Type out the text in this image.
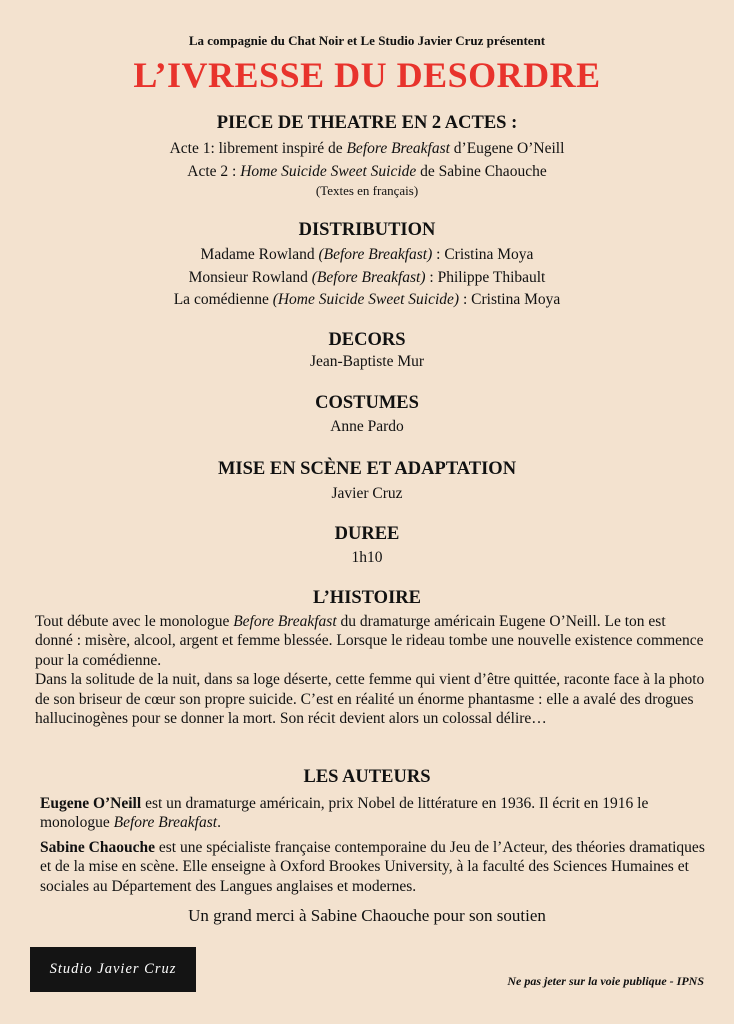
La compagnie du Chat Noir et Le Studio Javier Cruz présentent
L’IVRESSE DU DESORDRE
PIECE DE THEATRE EN 2 ACTES :
Acte 1: librement inspiré de Before Breakfast d’Eugene O’Neill
Acte 2 : Home Suicide Sweet Suicide de Sabine Chaouche
(Textes en français)
DISTRIBUTION
Madame Rowland (Before Breakfast) : Cristina Moya
Monsieur Rowland (Before Breakfast) : Philippe Thibault
La comédienne (Home Suicide Sweet Suicide) : Cristina Moya
DECORS
Jean-Baptiste Mur
COSTUMES
Anne Pardo
MISE EN SCÈNE ET ADAPTATION
Javier Cruz
DUREE
1h10
L’HISTOIRE

Tout débute avec le monologue Before Breakfast du dramaturge américain Eugene O’Neill. Le ton est donné : misère, alcool, argent et femme blessée. Lorsque le rideau tombe une nouvelle existence commence pour la comédienne.

Dans la solitude de la nuit, dans sa loge déserte, cette femme qui vient d’être quittée, raconte face à la photo de son briseur de cœur son propre suicide. C’est en réalité un énorme phantasme : elle a avalé des drogues hallucinogènes pour se donner la mort. Son récit devient alors un colossal délire…

LES AUTEURS
Eugene O’Neill est un dramaturge américain, prix Nobel de littérature en 1936. Il écrit en 1916 le monologue Before Breakfast.
Sabine Chaouche est une spécialiste française contemporaine du Jeu de l’Acteur, des théories dramatiques et de la mise en scène. Elle enseigne à Oxford Brookes University, à la faculté des Sciences Humaines et sociales au Département des Langues anglaises et modernes.
Un grand merci à Sabine Chaouche pour son soutien
Studio Javier Cruz
Ne pas jeter sur la voie publique - IPNS
